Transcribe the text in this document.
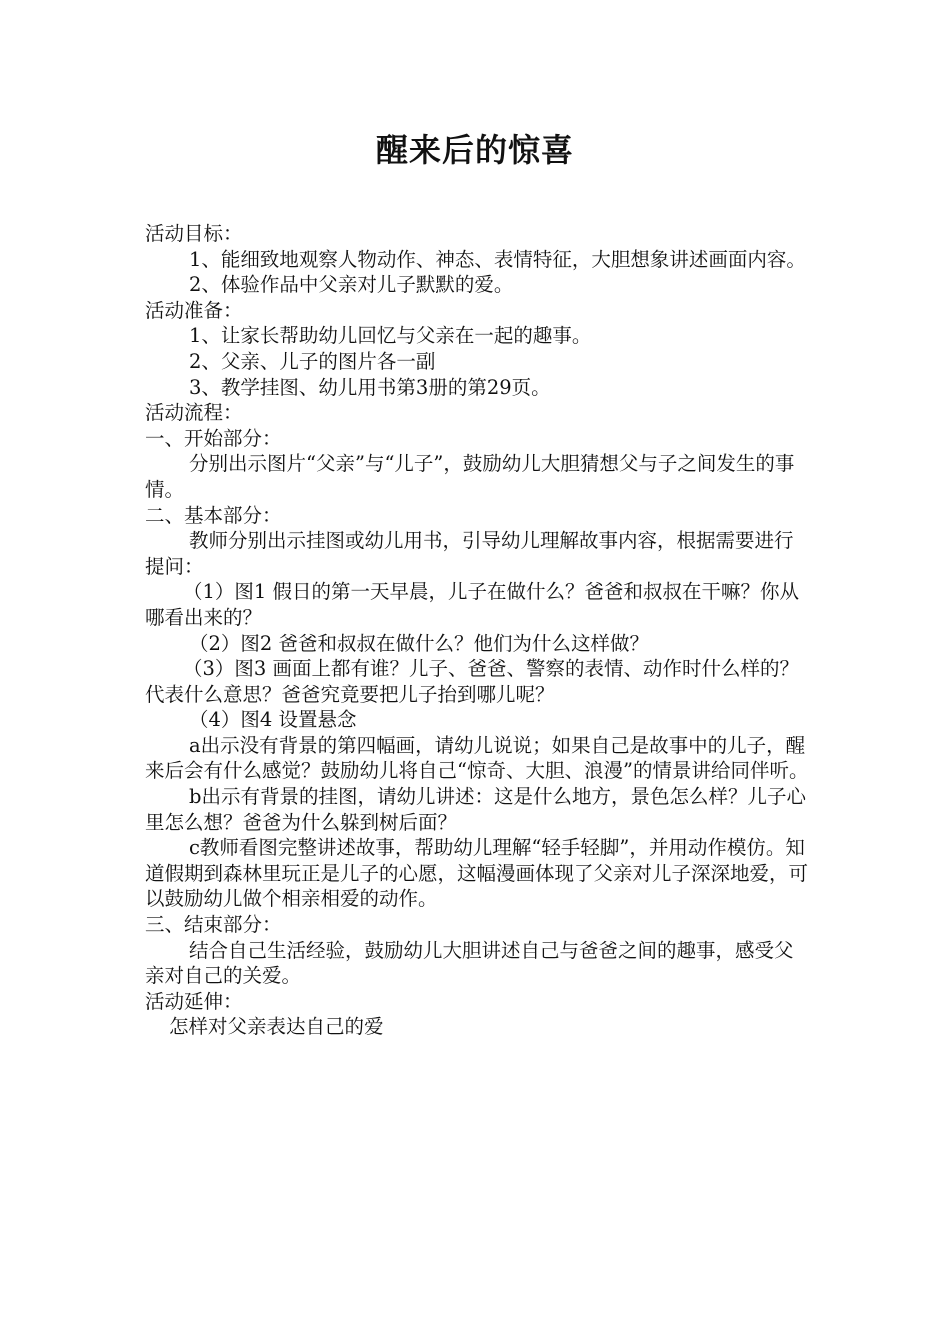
醒来后的惊喜

活动目标：

1、能细致地观察人物动作、神态、表情特征，大胆想象讲述画面内容。

2、体验作品中父亲对儿子默默的爱。

活动准备：

1、让家长帮助幼儿回忆与父亲在一起的趣事。

2、父亲、儿子的图片各一副

3、教学挂图、幼儿用书第3册的第29页。

活动流程：

一、开始部分：

分别出示图片“父亲”与“儿子”，鼓励幼儿大胆猜想父与子之间发生的事情。

二、基本部分：

教师分别出示挂图或幼儿用书，引导幼儿理解故事内容，根据需要进行提问：

（1）图1 假日的第一天早晨，儿子在做什么？爸爸和叔叔在干嘛？你从哪看出来的？

（2）图2 爸爸和叔叔在做什么？他们为什么这样做？

（3）图3 画面上都有谁？儿子、爸爸、警察的表情、动作时什么样的？代表什么意思？爸爸究竟要把儿子抬到哪儿呢？

（4）图4 设置悬念

a出示没有背景的第四幅画，请幼儿说说；如果自己是故事中的儿子，醒来后会有什么感觉？鼓励幼儿将自己“惊奇、大胆、浪漫”的情景讲给同伴听。

b出示有背景的挂图，请幼儿讲述：这是什么地方，景色怎么样？儿子心里怎么想？爸爸为什么躲到树后面？

c教师看图完整讲述故事，帮助幼儿理解“轻手轻脚”，并用动作模仿。知道假期到森林里玩正是儿子的心愿，这幅漫画体现了父亲对儿子深深地爱，可以鼓励幼儿做个相亲相爱的动作。

三、结束部分：

结合自己生活经验，鼓励幼儿大胆讲述自己与爸爸之间的趣事，感受父亲对自己的关爱。

活动延伸：

怎样对父亲表达自己的爱
